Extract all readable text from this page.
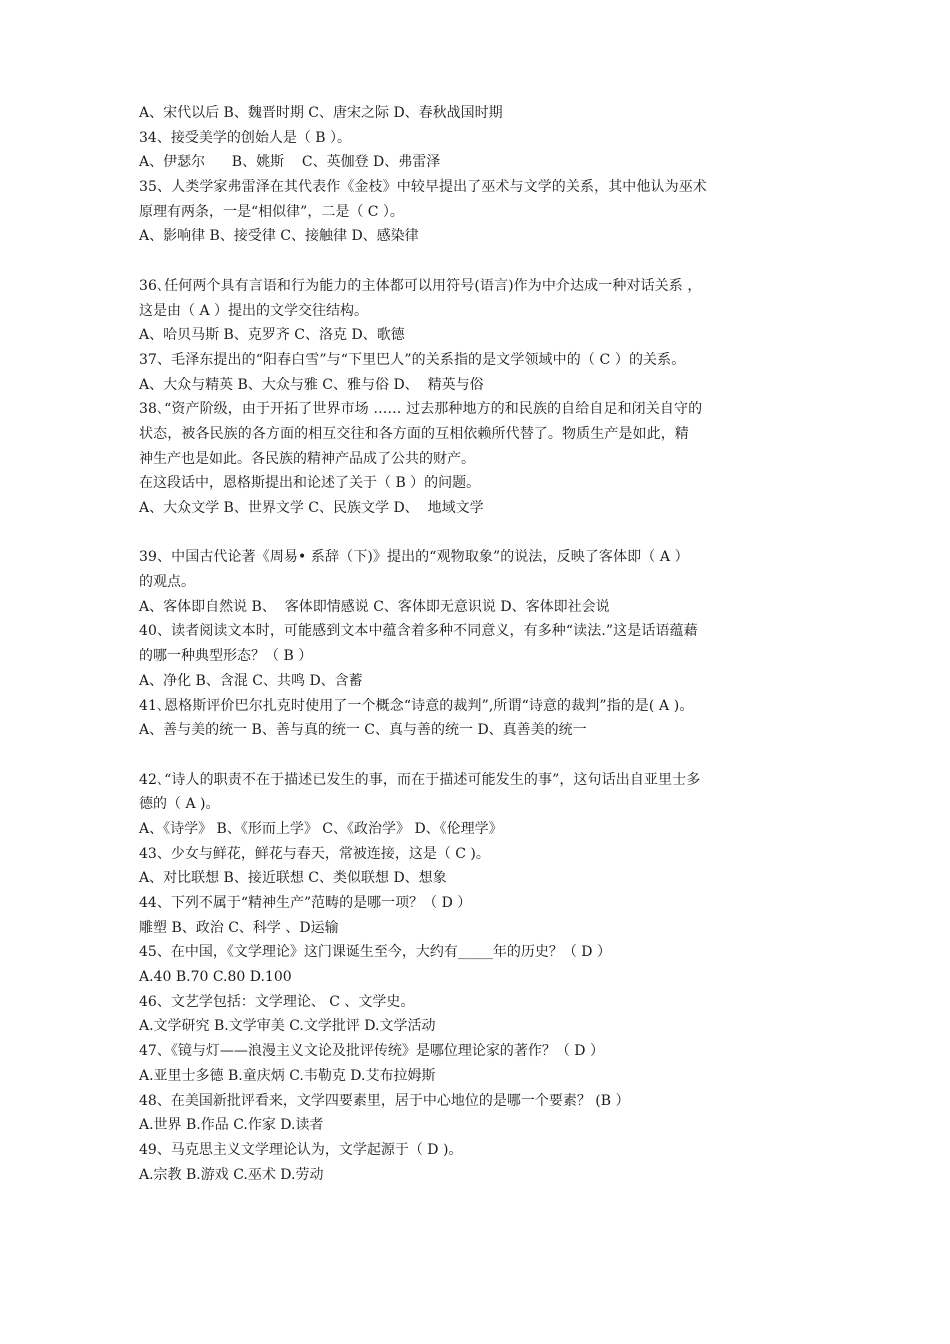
A、宋代以后 B、魏晋时期 C、唐宋之际 D、春秋战国时期
34、接受美学的创始人是（ B ）。
A、伊瑟尔      B、姚斯    C、英伽登 D、弗雷泽
35、人类学家弗雷泽在其代表作《金枝》中较早提出了巫术与文学的关系，其中他认为巫术
原理有两条，一是“相似律”，二是（ C ）。
A、影响律 B、接受律 C、接触律 D、感染律
36､任何两个具有言语和行为能力的主体都可以用符号(语言)作为中介达成一种对话关系 ，
这是由（ A ）提出的文学交往结构。
A、哈贝马斯 B、克罗齐 C、洛克 D、歌德
37、毛泽东提出的“阳春白雪”与“下里巴人”的关系指的是文学领域中的（ C ）的关系。
A、大众与精英 B、大众与雅 C、雅与俗 D、  精英与俗
38､“资产阶级，由于开拓了世界市场 …… 过去那种地方的和民族的自给自足和闭关自守的
状态，被各民族的各方面的相互交往和各方面的互相依赖所代替了。物质生产是如此，精
神生产也是如此。各民族的精神产品成了公共的财产。
在这段话中，恩格斯提出和论述了关于（ B ）的问题。
A、大众文学 B、世界文学 C、民族文学 D、  地域文学
39、中国古代论著《周易• 系辞（下)》提出的“观物取象”的说法，反映了客体即（ A ）
的观点。
A、客体即自然说 B、  客体即情感说 C、客体即无意识说 D、客体即社会说
40、读者阅读文本时，可能感到文本中蕴含着多种不同意义，有多种“读法.”这是话语蕴藉
的哪一种典型形态？（ B ）
A、净化 B、含混 C、共鸣 D、含蓄
41､恩格斯评价巴尔扎克时使用了一个概念“诗意的裁判”,所谓“诗意的裁判”指的是( A )。
A、善与美的统一 B、善与真的统一 C、真与善的统一 D、真善美的统一
42､“诗人的职责不在于描述已发生的事，而在于描述可能发生的事”，这句话出自亚里士多
德的（ A )。
A、《诗学》 B、《形而上学》 C、《政治学》 D、《伦理学》
43、少女与鲜花，鲜花与春天，常被连接，这是（ C )。
A、对比联想 B、接近联想 C、类似联想 D、想象
44、下列不属于“精神生产”范畴的是哪一项？（ D ）
雕塑 B、政治 C、科学 、D运输
45、在中国，《文学理论》这门课诞生至今，大约有_____年的历史？（ D ）
A.40 B.70 C.80 D.100
46、文艺学包括：文学理论、 C 、文学史。
A.文学研究 B.文学审美 C.文学批评 D.文学活动
47、《镜与灯——浪漫主义文论及批评传统》是哪位理论家的著作？（ D ）
A.亚里士多德 B.童庆炳 C.韦勒克 D.艾布拉姆斯
48、在美国新批评看来，文学四要素里，居于中心地位的是哪一个要素？ (B ）
A.世界 B.作品 C.作家 D.读者
49、马克思主义文学理论认为，文学起源于（ D )。
A.宗教 B.游戏 C.巫术 D.劳动
